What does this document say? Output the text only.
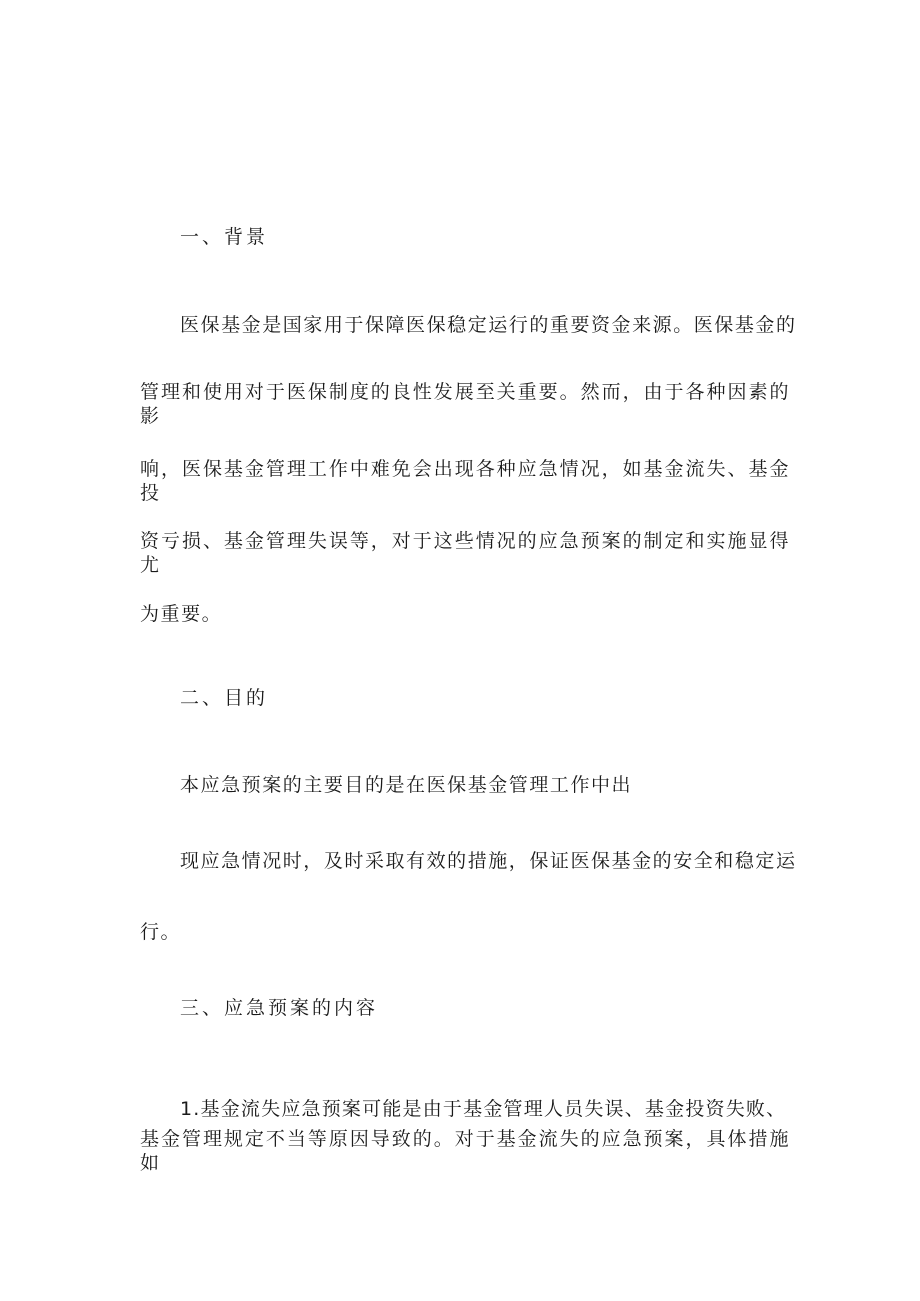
一、背景
医保基金是国家用于保障医保稳定运行的重要资金来源。医保基金的
管理和使用对于医保制度的良性发展至关重要。然而，由于各种因素的影
响，医保基金管理工作中难免会出现各种应急情况，如基金流失、基金投
资亏损、基金管理失误等，对于这些情况的应急预案的制定和实施显得尤
为重要。
二、目的
本应急预案的主要目的是在医保基金管理工作中出
现应急情况时，及时采取有效的措施，保证医保基金的安全和稳定运
行。
三、应急预案的内容
1.基金流失应急预案可能是由于基金管理人员失误、基金投资失败、
基金管理规定不当等原因导致的。对于基金流失的应急预案，具体措施如
